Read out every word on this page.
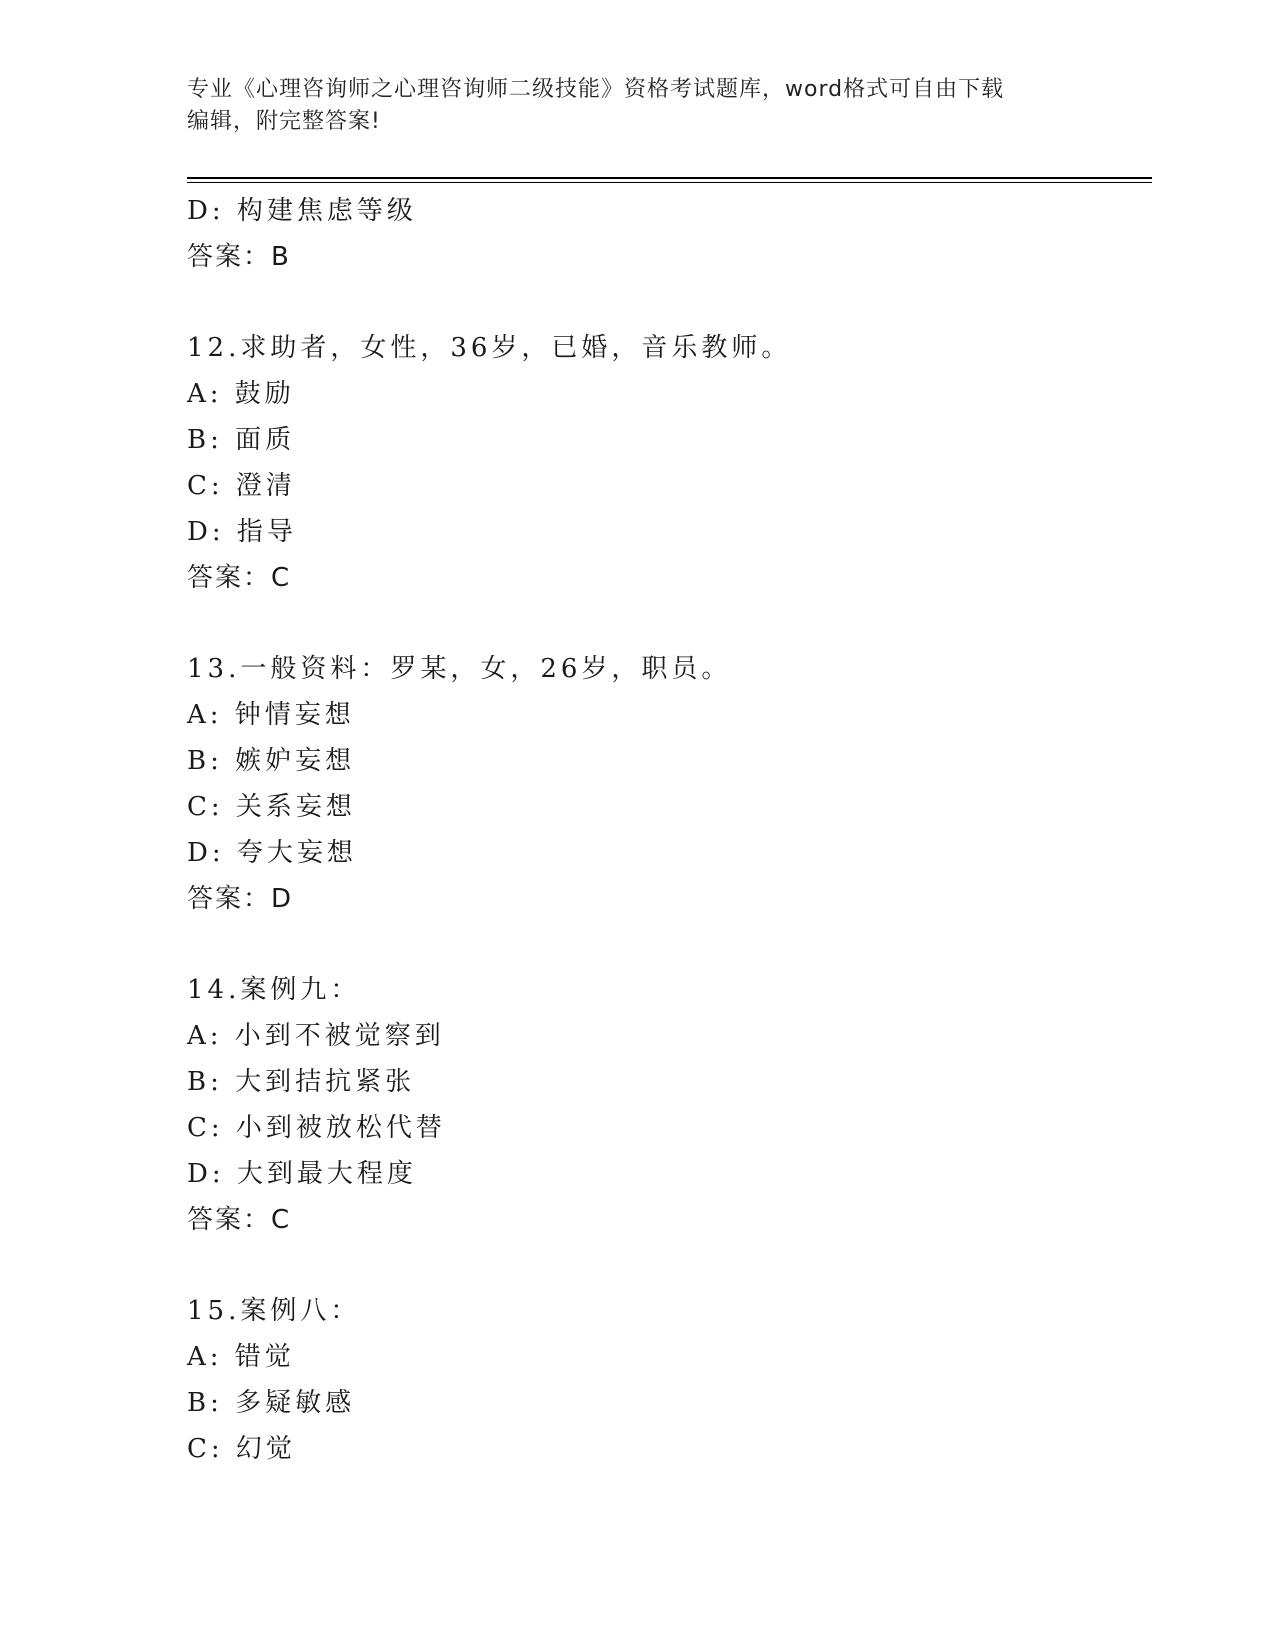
专业《心理咨询师之心理咨询师二级技能》资格考试题库，word格式可自由下载
编辑，附完整答案!
D: 构建焦虑等级
答案：B
12.求助者，女性，36岁，已婚，音乐教师。
A: 鼓励
B: 面质
C: 澄清
D: 指导
答案：C
13.一般资料：罗某，女，26岁，职员。
A: 钟情妄想
B: 嫉妒妄想
C: 关系妄想
D: 夸大妄想
答案：D
14.案例九：
A: 小到不被觉察到
B: 大到拮抗紧张
C: 小到被放松代替
D: 大到最大程度
答案：C
15.案例八：
A: 错觉
B: 多疑敏感
C: 幻觉
